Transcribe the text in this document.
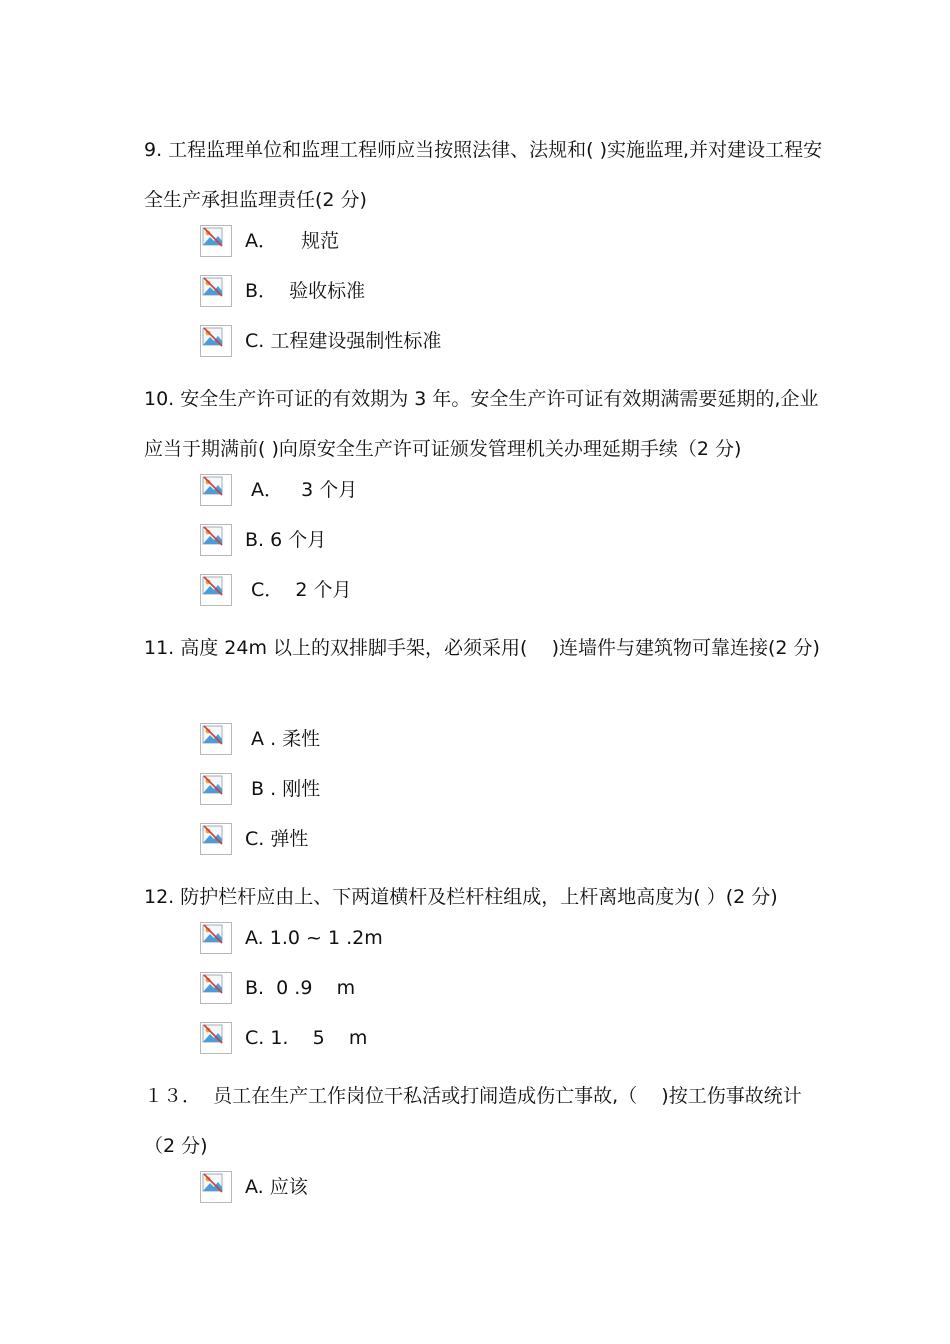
9. 工程监理单位和监理工程师应当按照法律、法规和( )实施监理,并对建设工程安全生产承担监理责任(2 分)

A．    规范
B．  验收标准
C. 工程建设强制性标准

10. 安全生产许可证的有效期为 3 年。安全生产许可证有效期满需要延期的,企业应当于期满前( )向原安全生产许可证颁发管理机关办理延期手续（2 分)

A．   3 个月
B. 6 个月
C．  2 个月

11. 高度 24m 以上的双排脚手架，必须采用(    )连墙件与建筑物可靠连接(2 分)

A . 柔性
B . 刚性
C. 弹性

12. 防护栏杆应由上、下两道横杆及栏杆柱组成，上杆离地高度为( ）(2 分)

A. 1.0 ~ 1 .2m
B.  0 .9    m
C. 1.    5    m

１３．  员工在生产工作岗位干私活或打闹造成伤亡事故,（    )按工伤事故统计（2 分)

A. 应该
